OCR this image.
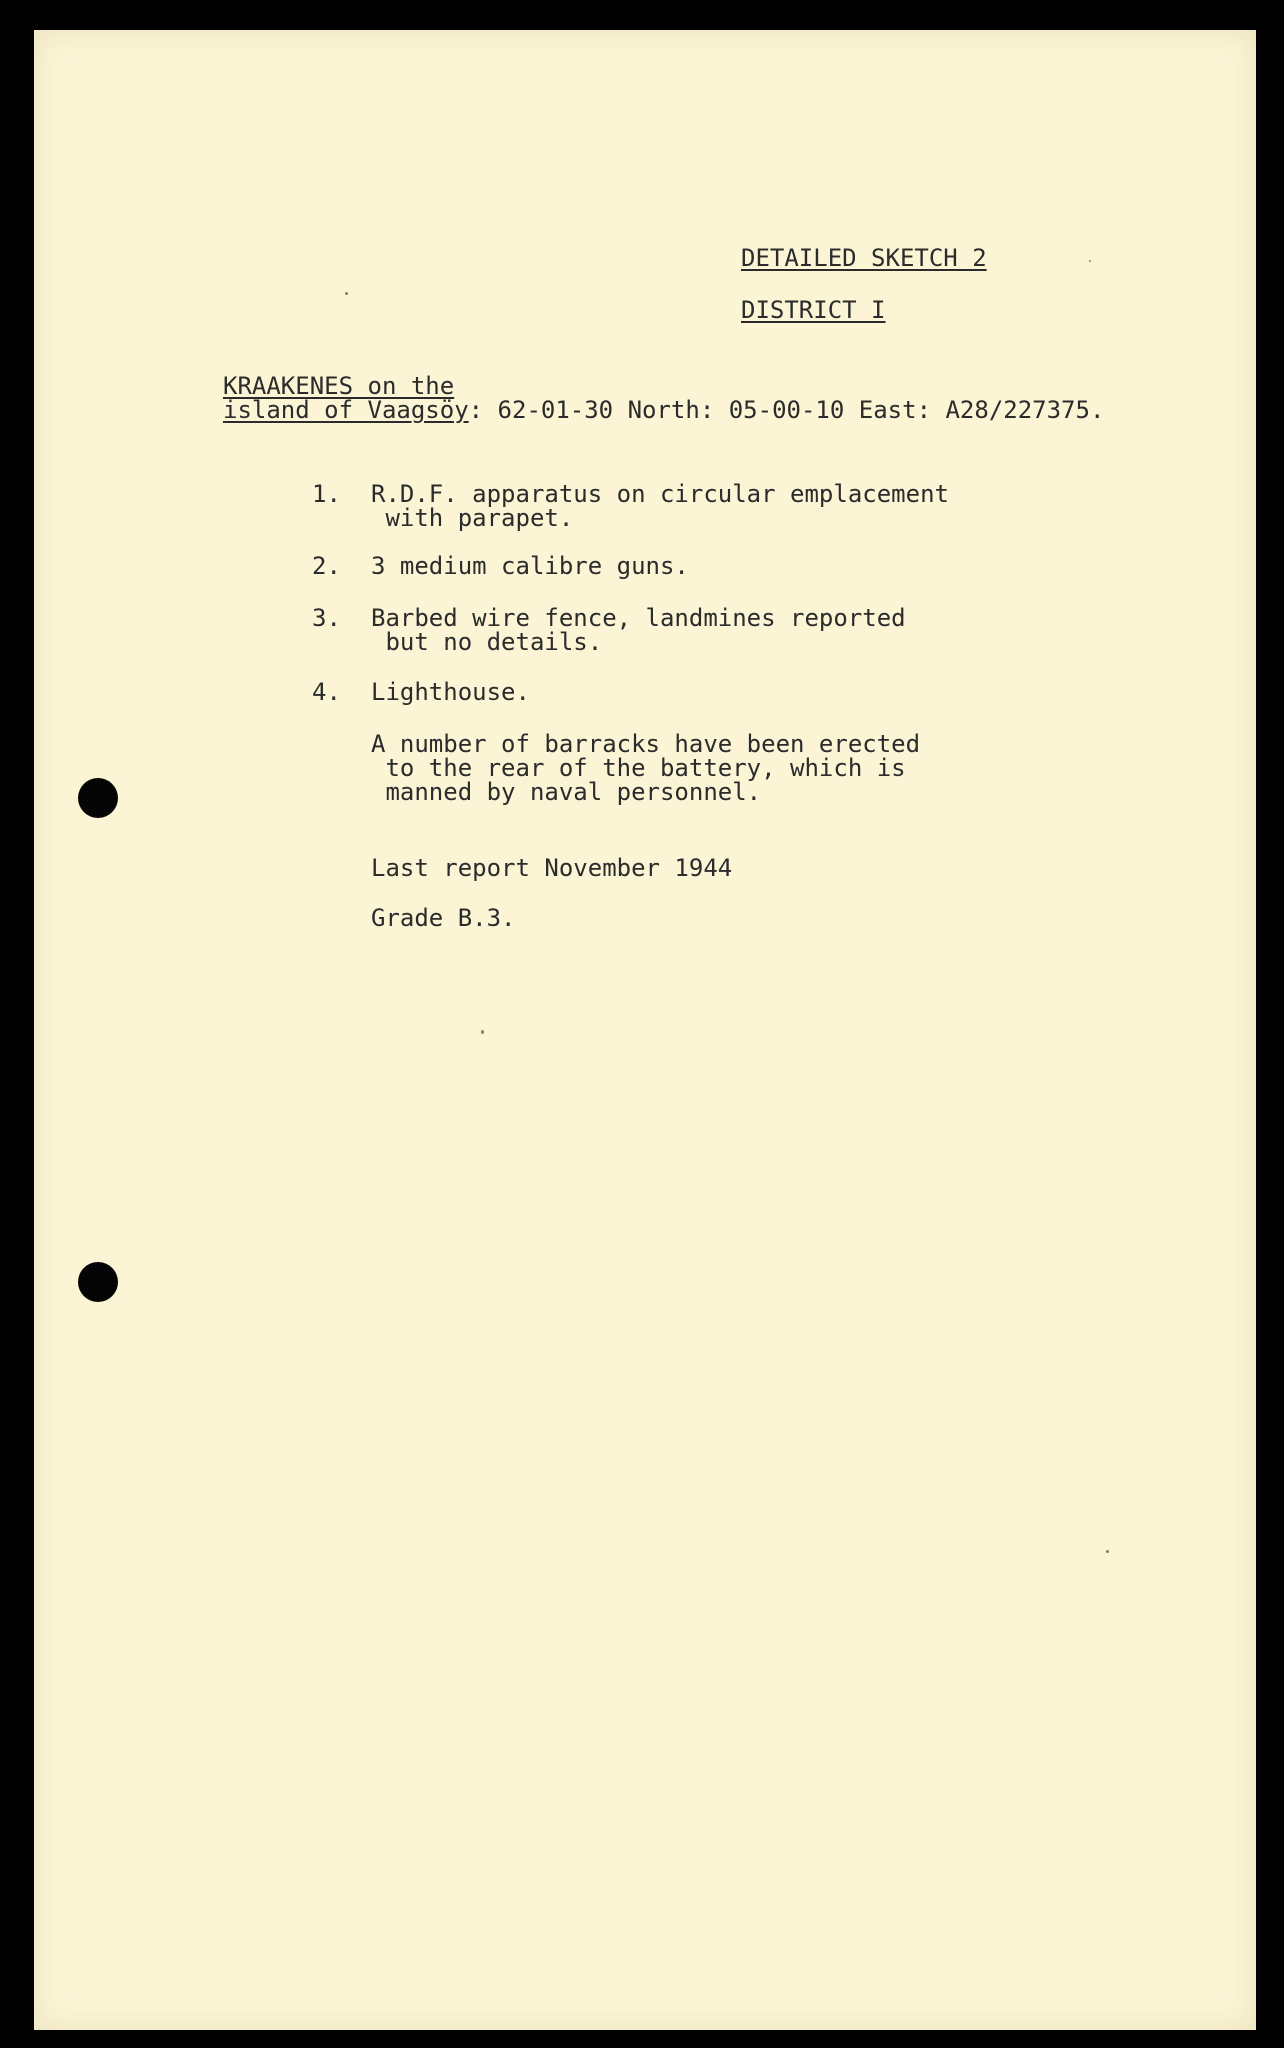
DETAILED SKETCH 2
DISTRICT I
KRAAKENES on the
island of Vaagsöy: 62-01-30 North: 05-00-10 East: A28/227375.
1. R.D.F. apparatus on circular emplacement
with parapet.
2. 3 medium calibre guns.
3. Barbed wire fence, landmines reported
but no details.
4. Lighthouse.
A number of barracks have been erected
to the rear of the battery, which is
manned by naval personnel.
Last report November 1944
Grade B.3.
